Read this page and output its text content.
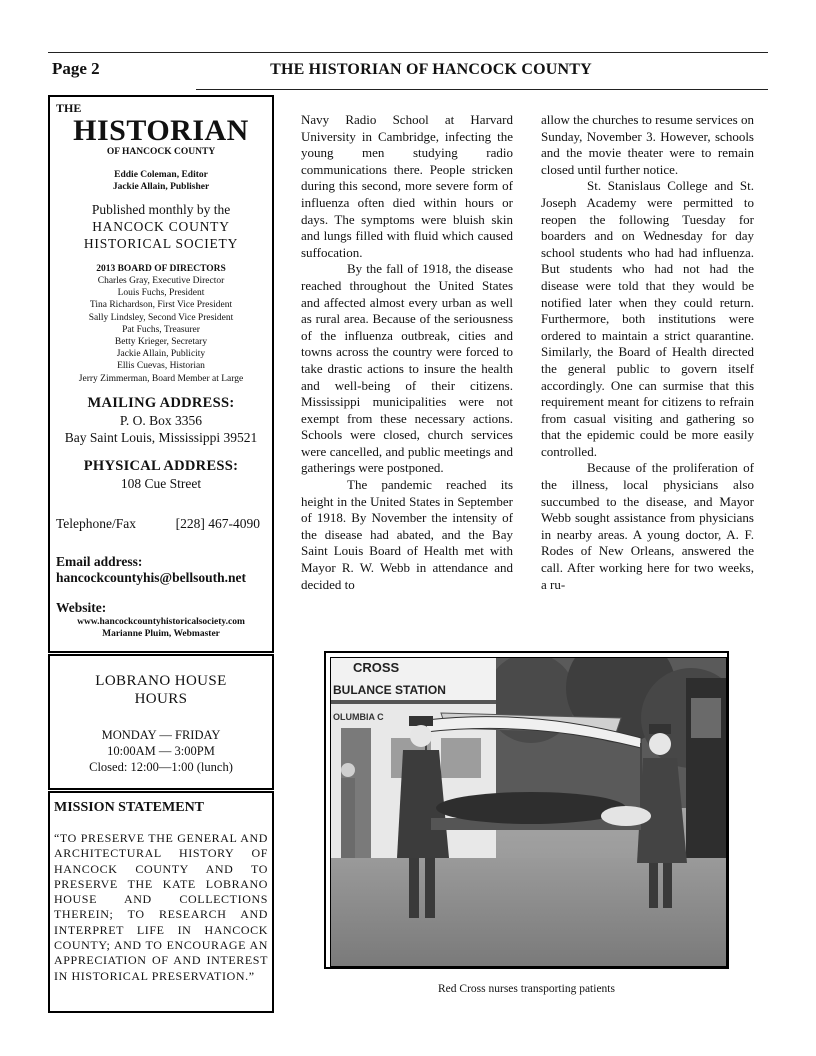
Page 2	THE HISTORIAN OF HANCOCK COUNTY
THE
HISTORIAN
OF HANCOCK COUNTY
Eddie Coleman, Editor
Jackie Allain, Publisher
Published monthly by the
HANCOCK COUNTY
HISTORICAL SOCIETY
2013 BOARD OF DIRECTORS
Charles Gray, Executive Director
Louis Fuchs, President
Tina Richardson, First Vice President
Sally Lindsley, Second Vice President
Pat Fuchs, Treasurer
Betty Krieger, Secretary
Jackie Allain, Publicity
Ellis Cuevas, Historian
Jerry Zimmerman, Board Member at Large
MAILING ADDRESS:
P. O. Box 3356
Bay Saint Louis, Mississippi 39521
PHYSICAL ADDRESS:
108 Cue Street
Telephone/Fax	[228] 467-4090
Email address:
hancockcountyhis@bellsouth.net
Website:
www.hancockcountyhistoricalsociety.com
Marianne Pluim, Webmaster
LOBRANO HOUSE
HOURS
MONDAY — FRIDAY
10:00AM — 3:00PM
Closed: 12:00—1:00 (lunch)
MISSION STATEMENT
“TO PRESERVE THE GENERAL AND ARCHITECTURAL HISTORY OF HANCOCK COUNTY AND TO PRESERVE THE KATE LOBRANO HOUSE AND COLLECTIONS THEREIN; TO RESEARCH AND INTERPRET LIFE IN HANCOCK COUNTY; AND TO ENCOURAGE AN APPRECIATION OF AND INTEREST IN HISTORICAL PRESERVATION.”

Navy Radio School at Harvard University in Cambridge, infecting the young men studying radio communications there. People stricken during this second, more severe form of influenza often died within hours or days. The symptoms were bluish skin and lungs filled with fluid which caused suffocation.

By the fall of 1918, the disease reached throughout the United States and affected almost every urban as well as rural area. Because of the seriousness of the influenza outbreak, cities and towns across the country were forced to take drastic actions to insure the health and well-being of their citizens. Mississippi municipalities were not exempt from these necessary actions. Schools were closed, church services were cancelled, and public meetings and gatherings were postponed.

The pandemic reached its height in the United States in September of 1918. By November the intensity of the disease had abated, and the Bay Saint Louis Board of Health met with Mayor R. W. Webb in attendance and decided to

allow the churches to resume services on Sunday, November 3. However, schools and the movie theater were to remain closed until further notice.

St. Stanislaus College and St. Joseph Academy were permitted to reopen the following Tuesday for boarders and on Wednesday for day school students who had had influenza. But students who had not had the disease were told that they would be notified later when they could return. Furthermore, both institutions were ordered to maintain a strict quarantine. Similarly, the Board of Health directed the general public to govern itself accordingly. One can surmise that this requirement meant for citizens to refrain from casual visiting and gathering so that the epidemic could be more easily controlled.

Because of the proliferation of the illness, local physicians also succumbed to the disease, and Mayor Webb sought assistance from physicians in nearby areas. A young doctor, A. F. Rodes of New Orleans, answered the call. After working here for two weeks, a ru-

CROSS
BULANCE STATION
OLUMBIA C
Red Cross nurses transporting patients
